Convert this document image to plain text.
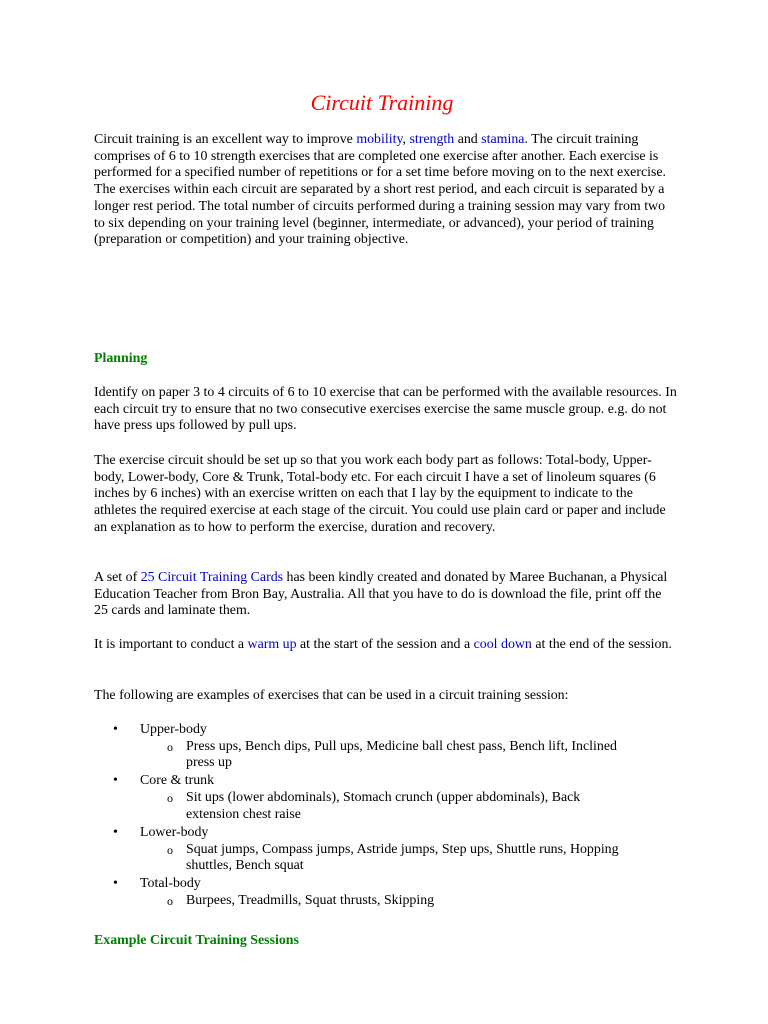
Circuit Training

Circuit training is an excellent way to improve mobility, strength and stamina. The circuit training comprises of 6 to 10 strength exercises that are completed one exercise after another. Each exercise is performed for a specified number of repetitions or for a set time before moving on to the next exercise. The exercises within each circuit are separated by a short rest period, and each circuit is separated by a longer rest period. The total number of circuits performed during a training session may vary from two to six depending on your training level (beginner, intermediate, or advanced), your period of training (preparation or competition) and your training objective.

Planning

Identify on paper 3 to 4 circuits of 6 to 10 exercise that can be performed with the available resources. In each circuit try to ensure that no two consecutive exercises exercise the same muscle group. e.g. do not have press ups followed by pull ups.

The exercise circuit should be set up so that you work each body part as follows: Total-body, Upper-body, Lower-body, Core & Trunk, Total-body etc. For each circuit I have a set of linoleum squares (6 inches by 6 inches) with an exercise written on each that I lay by the equipment to indicate to the athletes the required exercise at each stage of the circuit. You could use plain card or paper and include an explanation as to how to perform the exercise, duration and recovery.

A set of 25 Circuit Training Cards has been kindly created and donated by Maree Buchanan, a Physical Education Teacher from Bron Bay, Australia. All that you have to do is download the file, print off the 25 cards and laminate them.

It is important to conduct a warm up at the start of the session and a cool down at the end of the session.

The following are examples of exercises that can be used in a circuit training session:

• Upper-body
o Press ups, Bench dips, Pull ups, Medicine ball chest pass, Bench lift, Inclined press up
• Core & trunk
o Sit ups (lower abdominals), Stomach crunch (upper abdominals), Back extension chest raise
• Lower-body
o Squat jumps, Compass jumps, Astride jumps, Step ups, Shuttle runs, Hopping shuttles, Bench squat
• Total-body
o Burpees, Treadmills, Squat thrusts, Skipping
Example Circuit Training Sessions
